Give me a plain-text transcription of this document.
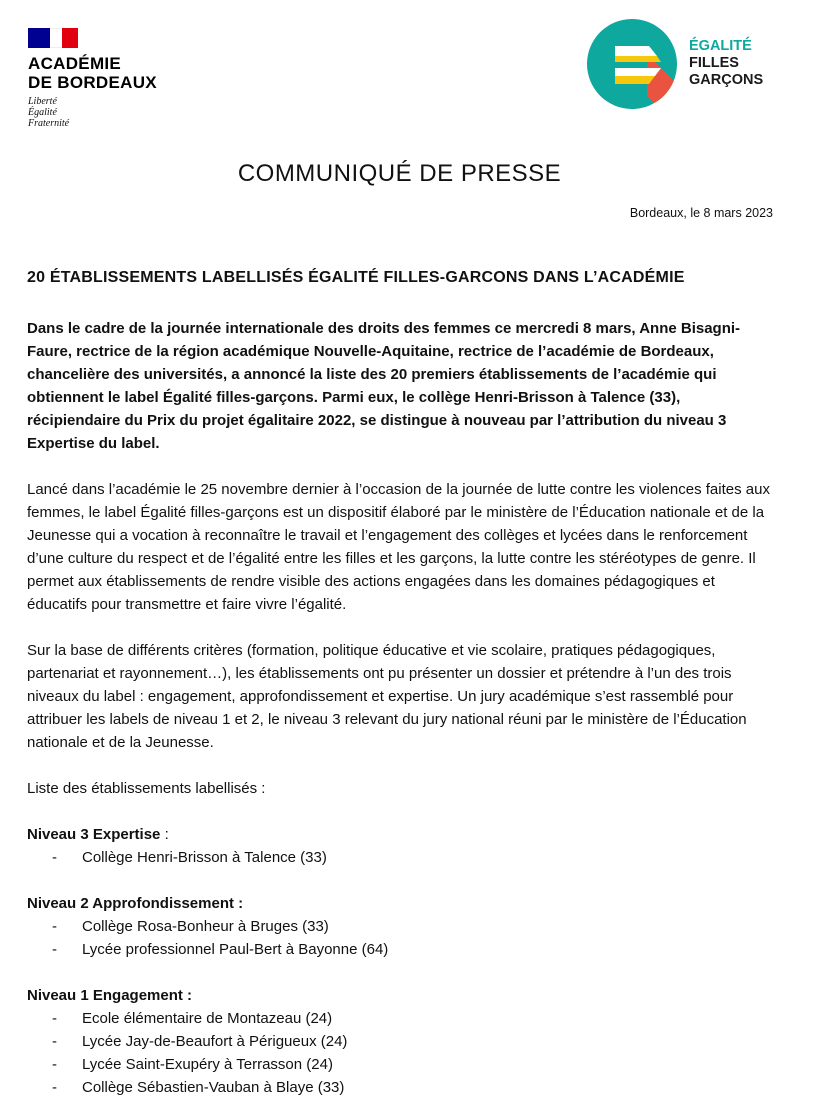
ACADÉMIE
DE BORDEAUX
Liberté
Égalité
Fraternité
ÉGALITÉ
FILLES
GARÇONS
COMMUNIQUÉ DE PRESSE
Bordeaux, le 8 mars 2023

20 ÉTABLISSEMENTS LABELLISÉS ÉGALITÉ FILLES-GARCONS DANS L’ACADÉMIE

Dans le cadre de la journée internationale des droits des femmes ce mercredi 8 mars, Anne Bisagni-Faure, rectrice de la région académique Nouvelle-Aquitaine, rectrice de l’académie de Bordeaux, chancelière des universités, a annoncé la liste des 20 premiers établissements de l’académie qui obtiennent le label Égalité filles-garçons. Parmi eux, le collège Henri-Brisson à Talence (33), récipiendaire du Prix du projet égalitaire 2022, se distingue à nouveau par l’attribution du niveau 3 Expertise du label.

Lancé dans l’académie le 25 novembre dernier à l’occasion de la journée de lutte contre les violences faites aux femmes, le label Égalité filles-garçons est un dispositif élaboré par le ministère de l’Éducation nationale et de la Jeunesse qui a vocation à reconnaître le travail et l’engagement des collèges et lycées dans le renforcement d’une culture du respect et de l’égalité entre les filles et les garçons, la lutte contre les stéréotypes de genre. Il permet aux établissements de rendre visible des actions engagées dans les domaines pédagogiques et éducatifs pour transmettre et faire vivre l’égalité.

Sur la base de différents critères (formation, politique éducative et vie scolaire, pratiques pédagogiques, partenariat et rayonnement…), les établissements ont pu présenter un dossier et prétendre à l’un des trois niveaux du label : engagement, approfondissement et expertise. Un jury académique s’est rassemblé pour attribuer les labels de niveau 1 et 2, le niveau 3 relevant du jury national réuni par le ministère de l’Éducation nationale et de la Jeunesse.

Liste des établissements labellisés :

Niveau 3 Expertise :
- Collège Henri-Brisson à Talence (33)
Niveau 2 Approfondissement :
- Collège Rosa-Bonheur à Bruges (33)
- Lycée professionnel Paul-Bert à Bayonne (64)
Niveau 1 Engagement :
- Ecole élémentaire de Montazeau (24)
- Lycée Jay-de-Beaufort à Périgueux (24)
- Lycée Saint-Exupéry à Terrasson (24)
- Collège Sébastien-Vauban à Blaye (33)
